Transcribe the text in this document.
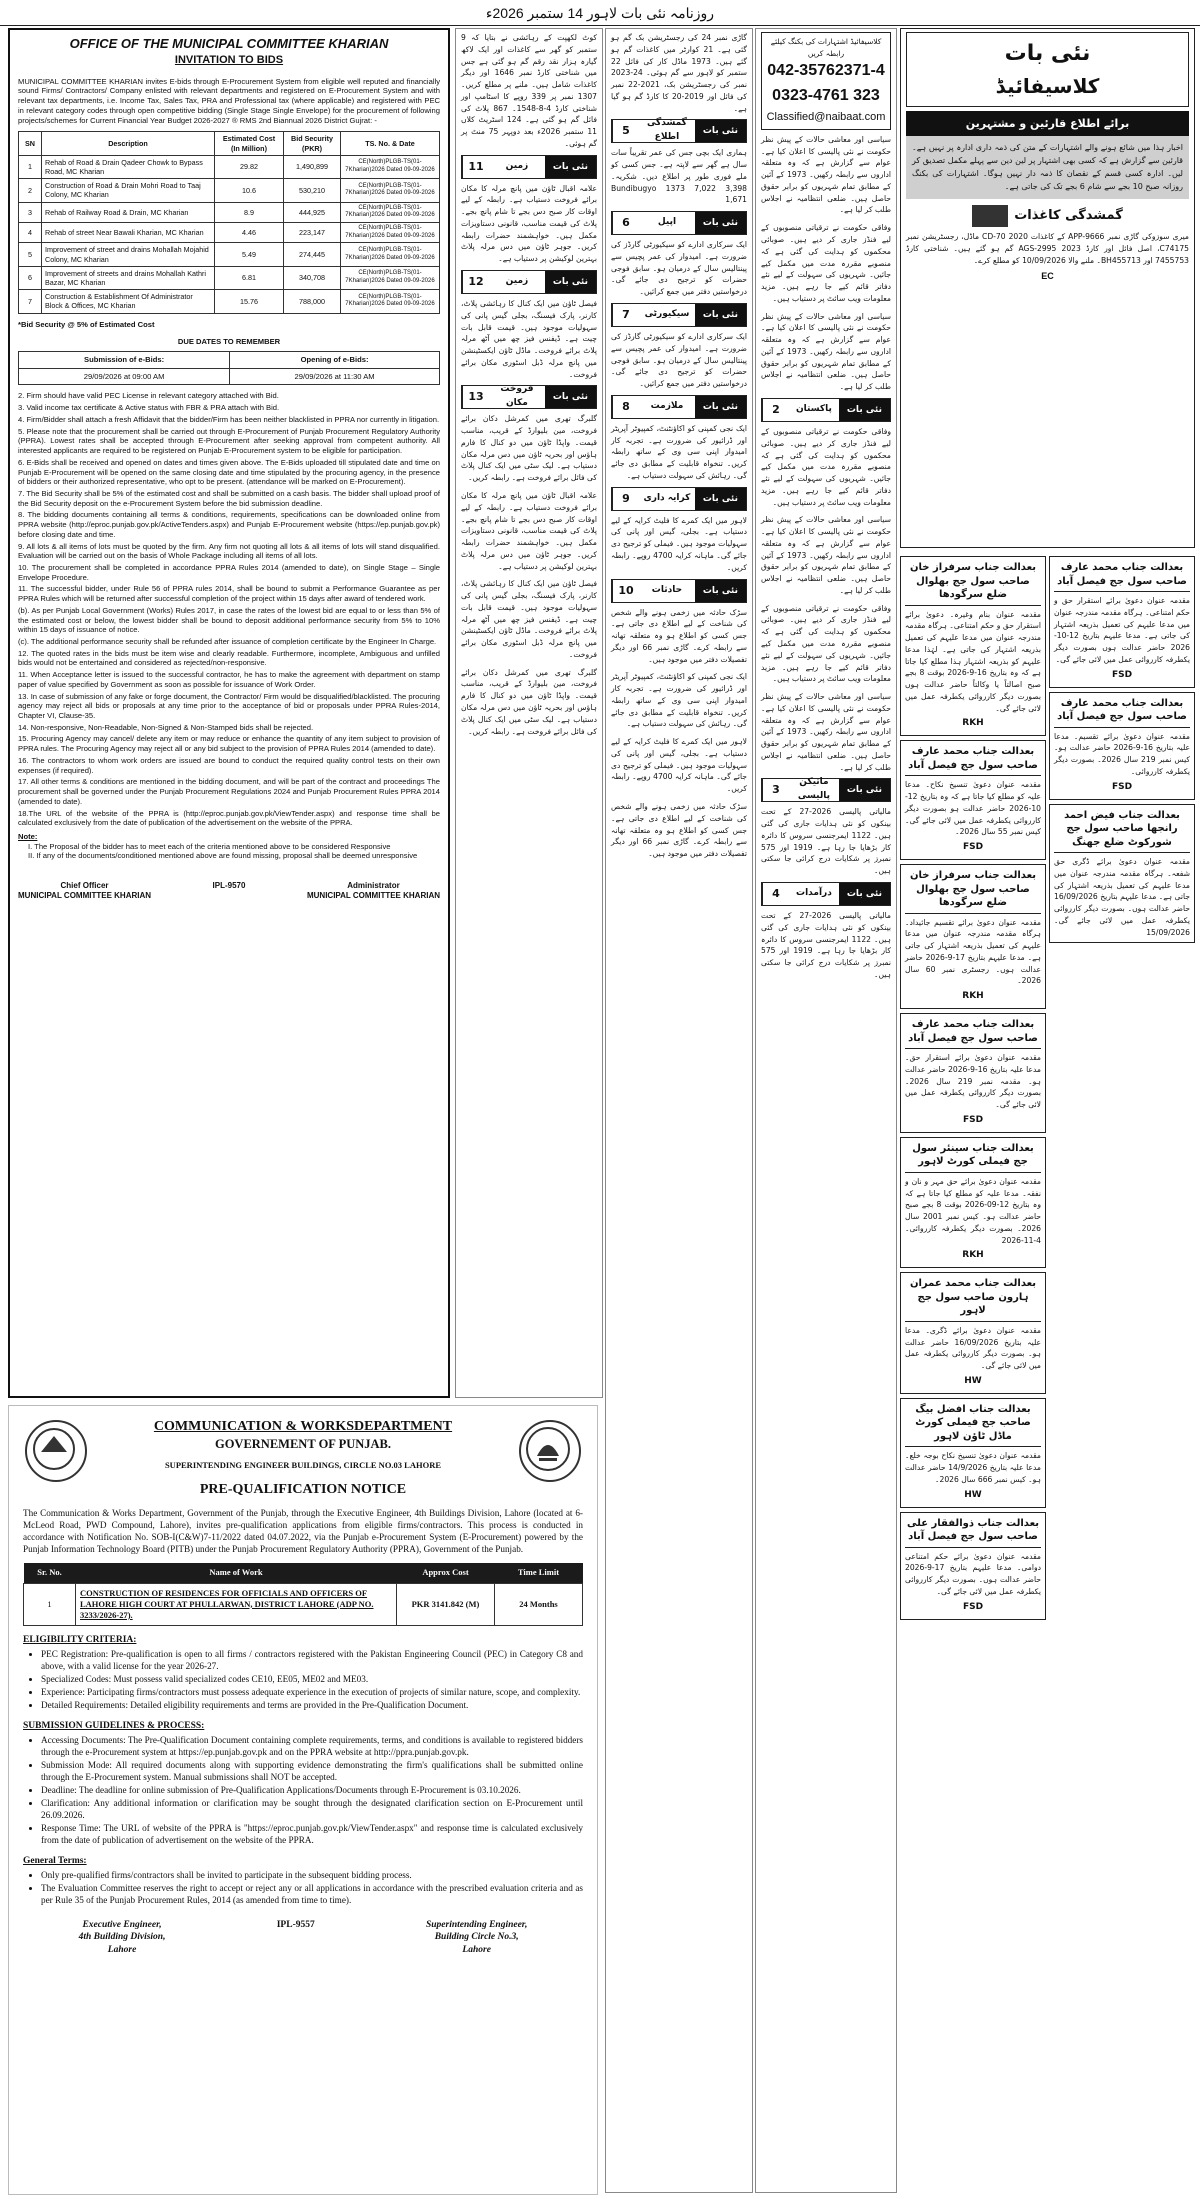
روزنامہ نئی بات لاہور 14 ستمبر 2026ء
OFFICE OF THE MUNICIPAL COMMITTEE KHARIAN
INVITATION TO BIDS

MUNICIPAL COMMITTEE KHARIAN invites E-bids through E-Procurement System from eligible well reputed and financially sound Firms/ Contractors/ Company enlisted with relevant departments and registered on E-Procurement System and with relevant tax departments, i.e. Income Tax, Sales Tax, PRA and Professional tax (where applicable) and registered with PEC in relevant category codes through open competitive bidding (Single Stage Single Envelope) for the procurement of following projects/schemes for Current Financial Year Budget 2026-2027 ® RMS 2nd Biannual 2026 District Gujrat: -

SN	Description	Estimated Cost (In Million)	Bid Security (PKR)	TS. No. & Date
1	Rehab of Road & Drain Qadeer Chowk to Bypass Road, MC Kharian	29.82	1,490,899	CE(North)PLGB-TS(01-7Kharian)2026 Dated 09-09-2026
2	Construction of Road & Drain Mohri Road to Taaj Colony, MC Kharian	10.6	530,210	CE(North)PLGB-TS(01-7Kharian)2026 Dated 09-09-2026
3	Rehab of Railway Road & Drain, MC Kharian	8.9	444,925	CE(North)PLGB-TS(01-7Kharian)2026 Dated 09-09-2026
4	Rehab of street Near Bawali Kharian, MC Kharian	4.46	223,147	CE(North)PLGB-TS(01-7Kharian)2026 Dated 09-09-2026
5	Improvement of street and drains Mohallah Mojahid Colony, MC Kharian	5.49	274,445	CE(North)PLGB-TS(01-7Kharian)2026 Dated 09-09-2026
6	Improvement of streets and drains Mohallah Kathri Bazar, MC Kharian	6.81	340,708	CE(North)PLGB-TS(01-7Kharian)2026 Dated 09-09-2026
7	Construction & Establishment Of Administrator Block & Offices, MC Kharian	15.76	788,000	CE(North)PLGB-TS(01-7Kharian)2026 Dated 09-09-2026
*Bid Security @ 5% of Estimated Cost
DUE DATES TO REMEMBER
Submission of e-Bids:	Opening of e-Bids:
29/09/2026 at 09:00 AM	29/09/2026 at 11:30 AM

2. Firm should have valid PEC License in relevant category attached with Bid.

3. Valid income tax certificate & Active status with FBR & PRA attach with Bid.

4. Firm/Bidder shall attach a fresh Affidavit that the bidder/Firm has been neither blacklisted in PPRA nor currently in litigation.

5. Please note that the procurement shall be carried out through E-Procurement of Punjab Procurement Regulatory Authority (PPRA). Lowest rates shall be accepted through E-Procurement after seeking approval from competent authority. All interested applicants are required to be registered on Punjab E-Procurement system to be eligible for participation.

6. E-Bids shall be received and opened on dates and times given above. The E-Bids uploaded till stipulated date and time on Punjab E-Procurement will be opened on the same closing date and time stipulated by the procuring agency, in the presence of bidders or their authorized representative, who opt to be present. (attendance will be marked on E-Procurement).

7. The Bid Security shall be 5% of the estimated cost and shall be submitted on a cash basis. The bidder shall upload proof of the Bid Security deposit on the e-Procurement System before the bid submission deadline.

8. The bidding documents containing all terms & conditions, requirements, specifications can be downloaded online from PPRA website (http://eproc.punjab.gov.pk/ActiveTenders.aspx) and Punjab E-Procurement website (https://ep.punjab.gov.pk) before closing date and time.

9. All lots & all items of lots must be quoted by the firm. Any firm not quoting all lots & all items of lots will stand disqualified. Evaluation will be carried out on the basis of Whole Package including all items of all lots.

10. The procurement shall be completed in accordance PPRA Rules 2014 (amended to date), on Single Stage – Single Envelope Procedure.

11. The successful bidder, under Rule 56 of PPRA rules 2014, shall be bound to submit a Performance Guarantee as per PPRA Rules which will be returned after successful completion of the project within 15 days after award of tendered work.

(b). As per Punjab Local Government (Works) Rules 2017, in case the rates of the lowest bid are equal to or less than 5% of the estimated cost or below, the lowest bidder shall be bound to deposit additional performance security from 5% to 10% within 15 days of issuance of notice.

(c). The additional performance security shall be refunded after issuance of completion certificate by the Engineer In Charge.

12. The quoted rates in the bids must be item wise and clearly readable. Furthermore, incomplete, Ambiguous and unfilled bids would not be entertained and considered as rejected/non-responsive.

11. When Acceptance letter is issued to the successful contractor, he has to make the agreement with department on stamp paper of value specified by Government as soon as possible for issuance of Work Order.

13. In case of submission of any fake or forge document, the Contractor/ Firm would be disqualified/blacklisted. The procuring agency may reject all bids or proposals at any time prior to the acceptance of bid or proposals under PPRA Rules-2014, Chapter VI, Clause-35.

14. Non-responsive, Non-Readable, Non-Signed & Non-Stamped bids shall be rejected.

15. Procuring Agency may cancel/ delete any item or may reduce or enhance the quantity of any item subject to provision of PPRA rules. The Procuring Agency may reject all or any bid subject to the provision of PPRA Rules 2014 (amended to date).

16. The contractors to whom work orders are issued are bound to conduct the required quality control tests on their own expenses (if required).

17. All other terms & conditions are mentioned in the bidding document, and will be part of the contract and proceedings The procurement shall be governed under the Punjab Procurement Regulations 2024 and Punjab Procurement Rules PPRA 2014 (amended to date).

18.The URL of the website of the PPRA is (http://eproc.punjab.gov.pk/ViewTender.aspx) and response time shall be calculated exclusively from the date of publication of the advertisement on the website of the PPRA.

Note:
I. The Proposal of the bidder has to meet each of the criteria mentioned above to be considered Responsive
II. If any of the documents/conditioned mentioned above are found missing, proposal shall be deemed unresponsive
Chief Officer
MUNICIPAL COMMITTEE KHARIAN
IPL-9570	Administrator
MUNICIPAL COMMITTEE KHARIAN
COMMUNICATION & WORKSDEPARTMENT
GOVERNEMENT OF PUNJAB.
SUPERINTENDING ENGINEER BUILDINGS, CIRCLE NO.03 LAHORE
PRE-QUALIFICATION NOTICE

The Communication & Works Department, Government of the Punjab, through the Executive Engineer, 4th Buildings Division, Lahore (located at 6-McLeod Road, PWD Compound, Lahore), invites pre-qualification applications from eligible firms/contractors. This process is conducted in accordance with Notification No. SOB-I(C&W)7-11/2022 dated 04.07.2022, via the Punjab e-Procurement System (E-Procurement) powered by the Punjab Information Technology Board (PITB) under the Punjab Procurement Regulatory Authority (PPRA), Government of the Punjab.

Sr. No.	Name of Work	Approx Cost	Time Limit
1	CONSTRUCTION OF RESIDENCES FOR OFFICIALS AND OFFICERS OF LAHORE HIGH COURT AT PHULLARWAN, DISTRICT LAHORE (ADP NO. 3233/2026-27).	PKR 3141.842 (M)	24 Months
ELIGIBILITY CRITERIA:
• PEC Registration: Pre-qualification is open to all firms / contractors registered with the Pakistan Engineering Council (PEC) in Category C8 and above, with a valid license for the year 2026-27.
• Specialized Codes: Must possess valid specialized codes CE10, EE05, ME02 and ME03.
• Experience: Participating firms/contractors must possess adequate experience in the execution of projects of similar nature, scope, and complexity.
• Detailed Requirements: Detailed eligibility requirements and terms are provided in the Pre-Qualification Document.
SUBMISSION GUIDELINES & PROCESS:
• Accessing Documents: The Pre-Qualification Document containing complete requirements, terms, and conditions is available to registered bidders through the e-Procurement system at https://ep.punjab.gov.pk and on the PPRA website at http://ppra.punjab.gov.pk.
• Submission Mode: All required documents along with supporting evidence demonstrating the firm's qualifications shall be submitted online through the E-Procurement system. Manual submissions shall NOT be accepted.
• Deadline: The deadline for online submission of Pre-Qualification Applications/Documents through E-Procurement is 03.10.2026.
• Clarification: Any additional information or clarification may be sought through the designated clarification section on E-Procurement until 26.09.2026.
• Response Time: The URL of website of the PPRA is "https://eproc.punjab.gov.pk/ViewTender.aspx" and response time is calculated exclusively from the date of publication of advertisement on the website of the PPRA.
General Terms:
• Only pre-qualified firms/contractors shall be invited to participate in the subsequent bidding process.
• The Evaluation Committee reserves the right to accept or reject any or all applications in accordance with the prescribed evaluation criteria and as per Rule 35 of the Punjab Procurement Rules, 2014 (as amended from time to time).
Executive Engineer,
4th Building Division,
Lahore
IPL-9557	Superintending Engineer,
Building Circle No.3,
Lahore
کوٹ لکھپت کے رہائشی نے بتایا کہ 9 ستمبر کو گھر سے کاغذات اور ایک لاکھ گیارہ ہزار نقد رقم گم ہو گئی ہے جس میں شناختی کارڈ نمبر 1646 اور دیگر کاغذات شامل ہیں۔ ملنے پر مطلع کریں۔ 1307 نمبر پر 339 روپے کا اسٹامپ اور شناختی کارڈ 4-8-1548۔ 867 پلاٹ کی فائل گم ہو گئی ہے۔ 124 اسٹریٹ کلاں 11 ستمبر 2026ء بعد دوپہر 75 منٹ پر گم ہوئی۔
نئی بات
زمین
11
علامہ اقبال ٹاؤن میں پانچ مرلہ کا مکان برائے فروخت دستیاب ہے۔ رابطہ کے لیے اوقات کار صبح دس بجے تا شام پانچ بجے۔ پلاٹ کی قیمت مناسب، قانونی دستاویزات مکمل ہیں۔ خواہشمند حضرات رابطہ کریں۔ جوہر ٹاؤن میں دس مرلہ پلاٹ بہترین لوکیشن پر دستیاب ہے۔
نئی بات
زمین
12
فیصل ٹاؤن میں ایک کنال کا رہائشی پلاٹ، کارنر، پارک فیسنگ، بجلی گیس پانی کی سہولیات موجود ہیں۔ قیمت قابل بات چیت ہے۔ ڈیفنس فیز چھ میں آٹھ مرلہ پلاٹ برائے فروخت۔ ماڈل ٹاؤن ایکسٹینشن میں پانچ مرلہ ڈبل اسٹوری مکان برائے فروخت۔
نئی بات
فروخت مکان
13
گلبرگ تھری میں کمرشل دکان برائے فروخت، مین بلیوارڈ کے قریب، مناسب قیمت۔ واپڈا ٹاؤن میں دو کنال کا فارم ہاؤس اور بحریہ ٹاؤن میں دس مرلہ مکان دستیاب ہے۔ لیک سٹی میں ایک کنال پلاٹ کی فائل برائے فروخت ہے۔ رابطہ کریں۔
علامہ اقبال ٹاؤن میں پانچ مرلہ کا مکان برائے فروخت دستیاب ہے۔ رابطہ کے لیے اوقات کار صبح دس بجے تا شام پانچ بجے۔ پلاٹ کی قیمت مناسب، قانونی دستاویزات مکمل ہیں۔ خواہشمند حضرات رابطہ کریں۔ جوہر ٹاؤن میں دس مرلہ پلاٹ بہترین لوکیشن پر دستیاب ہے۔
فیصل ٹاؤن میں ایک کنال کا رہائشی پلاٹ، کارنر، پارک فیسنگ، بجلی گیس پانی کی سہولیات موجود ہیں۔ قیمت قابل بات چیت ہے۔ ڈیفنس فیز چھ میں آٹھ مرلہ پلاٹ برائے فروخت۔ ماڈل ٹاؤن ایکسٹینشن میں پانچ مرلہ ڈبل اسٹوری مکان برائے فروخت۔
گلبرگ تھری میں کمرشل دکان برائے فروخت، مین بلیوارڈ کے قریب، مناسب قیمت۔ واپڈا ٹاؤن میں دو کنال کا فارم ہاؤس اور بحریہ ٹاؤن میں دس مرلہ مکان دستیاب ہے۔ لیک سٹی میں ایک کنال پلاٹ کی فائل برائے فروخت ہے۔ رابطہ کریں۔
گاڑی نمبر 24 کی رجسٹریشن بک گم ہو گئی ہے۔ 21 کوارٹر میں کاغذات گم ہو گئے ہیں۔ 1973 ماڈل کار کی فائل 22 ستمبر کو لاہور سے گم ہوئی۔ 24-2023 نمبر کی رجسٹریشن بک، 2021-22 نمبر کی فائل اور 2019-20 کا کارڈ گم ہو گیا ہے۔
نئی بات
گمشدگی اطلاع
5
ہماری ایک بچی جس کی عمر تقریباً سات سال ہے گھر سے لاپتہ ہے۔ جس کسی کو ملے فوری طور پر اطلاع دیں۔ شکریہ۔ Bundibugyo 1373 7,022 3,398 1,671
نئی بات
اپیل
6
ایک سرکاری ادارے کو سیکیورٹی گارڈز کی ضرورت ہے۔ امیدوار کی عمر پچیس سے پینتالیس سال کے درمیان ہو۔ سابق فوجی حضرات کو ترجیح دی جائے گی۔ درخواستیں دفتر میں جمع کرائیں۔
نئی بات
سیکیورٹی
7
ایک سرکاری ادارے کو سیکیورٹی گارڈز کی ضرورت ہے۔ امیدوار کی عمر پچیس سے پینتالیس سال کے درمیان ہو۔ سابق فوجی حضرات کو ترجیح دی جائے گی۔ درخواستیں دفتر میں جمع کرائیں۔
نئی بات
ملازمت
8
ایک نجی کمپنی کو اکاؤنٹنٹ، کمپیوٹر آپریٹر اور ڈرائیور کی ضرورت ہے۔ تجربہ کار امیدوار اپنی سی وی کے ساتھ رابطہ کریں۔ تنخواہ قابلیت کے مطابق دی جائے گی۔ رہائش کی سہولت دستیاب ہے۔
نئی بات
کرایہ داری
9
لاہور میں ایک کمرے کا فلیٹ کرایہ کے لیے دستیاب ہے۔ بجلی، گیس اور پانی کی سہولیات موجود ہیں۔ فیملی کو ترجیح دی جائے گی۔ ماہانہ کرایہ 4700 روپے۔ رابطہ کریں۔
نئی بات
حادثات
10
سڑک حادثہ میں زخمی ہونے والے شخص کی شناخت کے لیے اطلاع دی جاتی ہے۔ جس کسی کو اطلاع ہو وہ متعلقہ تھانہ سے رابطہ کرے۔ گاڑی نمبر 66 اور دیگر تفصیلات دفتر میں موجود ہیں۔
ایک نجی کمپنی کو اکاؤنٹنٹ، کمپیوٹر آپریٹر اور ڈرائیور کی ضرورت ہے۔ تجربہ کار امیدوار اپنی سی وی کے ساتھ رابطہ کریں۔ تنخواہ قابلیت کے مطابق دی جائے گی۔ رہائش کی سہولت دستیاب ہے۔
لاہور میں ایک کمرے کا فلیٹ کرایہ کے لیے دستیاب ہے۔ بجلی، گیس اور پانی کی سہولیات موجود ہیں۔ فیملی کو ترجیح دی جائے گی۔ ماہانہ کرایہ 4700 روپے۔ رابطہ کریں۔
سڑک حادثہ میں زخمی ہونے والے شخص کی شناخت کے لیے اطلاع دی جاتی ہے۔ جس کسی کو اطلاع ہو وہ متعلقہ تھانہ سے رابطہ کرے۔ گاڑی نمبر 66 اور دیگر تفصیلات دفتر میں موجود ہیں۔
کلاسیفائیڈ اشتہارات کی بکنگ کیلئے رابطہ کریں
042-35762371-4
0323-4761 323
Classified@naibaat.com
سیاسی اور معاشی حالات کے پیش نظر حکومت نے نئی پالیسی کا اعلان کیا ہے۔ عوام سے گزارش ہے کہ وہ متعلقہ اداروں سے رابطہ رکھیں۔ 1973 کے آئین کے مطابق تمام شہریوں کو برابر حقوق حاصل ہیں۔ ضلعی انتظامیہ نے اجلاس طلب کر لیا ہے۔
وفاقی حکومت نے ترقیاتی منصوبوں کے لیے فنڈز جاری کر دیے ہیں۔ صوبائی محکموں کو ہدایت کی گئی ہے کہ منصوبے مقررہ مدت میں مکمل کیے جائیں۔ شہریوں کی سہولت کے لیے نئے دفاتر قائم کیے جا رہے ہیں۔ مزید معلومات ویب سائٹ پر دستیاب ہیں۔
سیاسی اور معاشی حالات کے پیش نظر حکومت نے نئی پالیسی کا اعلان کیا ہے۔ عوام سے گزارش ہے کہ وہ متعلقہ اداروں سے رابطہ رکھیں۔ 1973 کے آئین کے مطابق تمام شہریوں کو برابر حقوق حاصل ہیں۔ ضلعی انتظامیہ نے اجلاس طلب کر لیا ہے۔
نئی بات
پاکستان
2
وفاقی حکومت نے ترقیاتی منصوبوں کے لیے فنڈز جاری کر دیے ہیں۔ صوبائی محکموں کو ہدایت کی گئی ہے کہ منصوبے مقررہ مدت میں مکمل کیے جائیں۔ شہریوں کی سہولت کے لیے نئے دفاتر قائم کیے جا رہے ہیں۔ مزید معلومات ویب سائٹ پر دستیاب ہیں۔
سیاسی اور معاشی حالات کے پیش نظر حکومت نے نئی پالیسی کا اعلان کیا ہے۔ عوام سے گزارش ہے کہ وہ متعلقہ اداروں سے رابطہ رکھیں۔ 1973 کے آئین کے مطابق تمام شہریوں کو برابر حقوق حاصل ہیں۔ ضلعی انتظامیہ نے اجلاس طلب کر لیا ہے۔
وفاقی حکومت نے ترقیاتی منصوبوں کے لیے فنڈز جاری کر دیے ہیں۔ صوبائی محکموں کو ہدایت کی گئی ہے کہ منصوبے مقررہ مدت میں مکمل کیے جائیں۔ شہریوں کی سہولت کے لیے نئے دفاتر قائم کیے جا رہے ہیں۔ مزید معلومات ویب سائٹ پر دستیاب ہیں۔
سیاسی اور معاشی حالات کے پیش نظر حکومت نے نئی پالیسی کا اعلان کیا ہے۔ عوام سے گزارش ہے کہ وہ متعلقہ اداروں سے رابطہ رکھیں۔ 1973 کے آئین کے مطابق تمام شہریوں کو برابر حقوق حاصل ہیں۔ ضلعی انتظامیہ نے اجلاس طلب کر لیا ہے۔
نئی بات
ماتیکن پالیسی
3
مالیاتی پالیسی 2026-27 کے تحت بینکوں کو نئی ہدایات جاری کی گئی ہیں۔ 1122 ایمرجنسی سروس کا دائرہ کار بڑھایا جا رہا ہے۔ 1919 اور 575 نمبرز پر شکایات درج کرائی جا سکتی ہیں۔
نئی بات
درآمدات
4
مالیاتی پالیسی 2026-27 کے تحت بینکوں کو نئی ہدایات جاری کی گئی ہیں۔ 1122 ایمرجنسی سروس کا دائرہ کار بڑھایا جا رہا ہے۔ 1919 اور 575 نمبرز پر شکایات درج کرائی جا سکتی ہیں۔
نئی بات
کلاسیفائیڈ
برائے اطلاع قارئین و مشتہرین
اخبار ہذا میں شائع ہونے والے اشتہارات کے متن کی ذمہ داری ادارہ پر نہیں ہے۔ قارئین سے گزارش ہے کہ کسی بھی اشتہار پر لین دین سے پہلے مکمل تصدیق کر لیں۔ ادارہ کسی قسم کے نقصان کا ذمہ دار نہیں ہوگا۔ اشتہارات کی بکنگ روزانہ صبح 10 بجے سے شام 6 بجے تک کی جاتی ہے۔
گمشدگی کاغذات
میری سوزوکی گاڑی نمبر APP-9666 کے کاغذات CD-70 2020 ماڈل، رجسٹریشن نمبر C74175، اصل فائل اور کارڈ 2023 AGS-2995 گم ہو گئے ہیں۔ شناختی کارڈ 7455753 اور BH455713۔ ملنے والا 10/09/2026 کو مطلع کرے۔
EC
بعدالت جناب سرفراز خان صاحب سول جج بھلوال ضلع سرگودھا
مقدمہ عنوان بنام وغیرہ۔ دعویٰ برائے استقرار حق و حکم امتناعی۔ ہرگاہ مقدمہ مندرجہ عنوان میں مدعا علیہم کی تعمیل بذریعہ اشتہار کی جاتی ہے۔ لہٰذا مدعا علیہم کو بذریعہ اشتہار ہذا مطلع کیا جاتا ہے کہ وہ بتاریخ 16-9-2026 بوقت 8 بجے صبح اصالتاً یا وکالتاً حاضر عدالت ہوں بصورت دیگر کارروائی یکطرفہ عمل میں لائی جائے گی۔
RKH
بعدالت جناب محمد عارف صاحب سول جج فیصل آباد
مقدمہ عنوان دعویٰ تنسیخ نکاح۔ مدعا علیہ کو مطلع کیا جاتا ہے کہ وہ بتاریخ 12-10-2026 حاضر عدالت ہو بصورت دیگر کارروائی یکطرفہ عمل میں لائی جائے گی۔ کیس نمبر 55 سال 2026۔
FSD
بعدالت جناب سرفراز خان صاحب سول جج بھلوال ضلع سرگودھا
مقدمہ عنوان دعویٰ برائے تقسیم جائیداد۔ ہرگاہ مقدمہ مندرجہ عنوان میں مدعا علیہم کی تعمیل بذریعہ اشتہار کی جاتی ہے۔ مدعا علیہم بتاریخ 17-9-2026 حاضر عدالت ہوں۔ رجسٹری نمبر 60 سال 2026۔
RKH
بعدالت جناب محمد عارف صاحب سول جج فیصل آباد
مقدمہ عنوان دعویٰ برائے استقرار حق۔ مدعا علیہ بتاریخ 16-9-2026 حاضر عدالت ہو۔ مقدمہ نمبر 219 سال 2026۔ بصورت دیگر کارروائی یکطرفہ عمل میں لائی جائے گی۔
FSD
بعدالت جناب سینئر سول جج فیملی کورٹ لاہور
مقدمہ عنوان دعویٰ برائے حق مہر و نان و نفقہ۔ مدعا علیہ کو مطلع کیا جاتا ہے کہ وہ بتاریخ 12-09-2026 بوقت 8 بجے صبح حاضر عدالت ہو۔ کیس نمبر 2001 سال 2026۔ بصورت دیگر یکطرفہ کارروائی۔ 4-11-2026
RKH
بعدالت جناب محمد عمران ہارون صاحب سول جج لاہور
مقدمہ عنوان دعویٰ برائے ڈگری۔ مدعا علیہ بتاریخ 16/09/2026 حاضر عدالت ہو۔ بصورت دیگر کارروائی یکطرفہ عمل میں لائی جائے گی۔
HW
بعدالت جناب افضل بیگ صاحب جج فیملی کورٹ ماڈل ٹاؤن لاہور
مقدمہ عنوان دعویٰ تنسیخ نکاح بوجہ خلع۔ مدعا علیہ بتاریخ 14/9/2026 حاضر عدالت ہو۔ کیس نمبر 666 سال 2026۔
HW
بعدالت جناب ذوالفقار علی صاحب سول جج فیصل آباد
مقدمہ عنوان دعویٰ برائے حکم امتناعی دوامی۔ مدعا علیہم بتاریخ 17-9-2026 حاضر عدالت ہوں۔ بصورت دیگر کارروائی یکطرفہ عمل میں لائی جائے گی۔
FSD
بعدالت جناب محمد عارف صاحب سول جج فیصل آباد
مقدمہ عنوان دعویٰ برائے استقرار حق و حکم امتناعی۔ ہرگاہ مقدمہ مندرجہ عنوان میں مدعا علیہم کی تعمیل بذریعہ اشتہار کی جاتی ہے۔ مدعا علیہم بتاریخ 12-10-2026 حاضر عدالت ہوں بصورت دیگر یکطرفہ کارروائی عمل میں لائی جائے گی۔
FSD
بعدالت جناب محمد عارف صاحب سول جج فیصل آباد
مقدمہ عنوان دعویٰ برائے تقسیم۔ مدعا علیہ بتاریخ 16-9-2026 حاضر عدالت ہو۔ کیس نمبر 219 سال 2026۔ بصورت دیگر یکطرفہ کارروائی۔
FSD
بعدالت جناب فیض احمد رانجھا صاحب سول جج شورکوٹ ضلع جھنگ
مقدمہ عنوان دعویٰ برائے ڈگری حق شفعہ۔ ہرگاہ مقدمہ مندرجہ عنوان میں مدعا علیہم کی تعمیل بذریعہ اشتہار کی جاتی ہے۔ مدعا علیہم بتاریخ 16/09/2026 حاضر عدالت ہوں۔ بصورت دیگر کارروائی یکطرفہ عمل میں لائی جائے گی۔ 15/09/2026
